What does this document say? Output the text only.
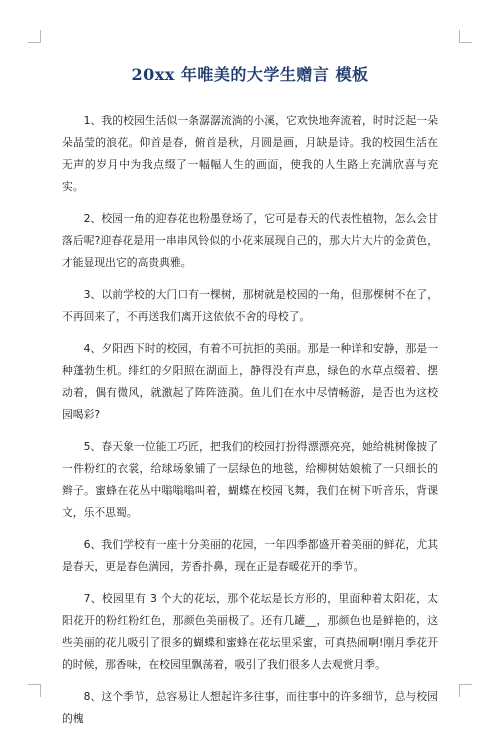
20xx 年唯美的大学生赠言 模板

1、我的校园生活似一条潺潺流淌的小溪，它欢快地奔流着，时时泛起一朵朵晶莹的浪花。仰首是春，俯首是秋，月圆是画，月缺是诗。我的校园生活在无声的岁月中为我点缀了一幅幅人生的画面，使我的人生路上充满欣喜与充实。

2、校园一角的迎春花也粉墨登场了，它可是春天的代表性植物，怎么会甘落后呢?迎春花是用一串串风铃似的小花来展现自己的，那大片大片的金黄色，才能显现出它的高贵典雅。

3、以前学校的大门口有一棵树，那树就是校园的一角，但那棵树不在了，不再回来了，不再送我们离开这依依不舍的母校了。

4、夕阳西下时的校园，有着不可抗拒的美丽。那是一种详和安静，那是一种蓬勃生机。绯红的夕阳照在湖面上，静得没有声息，绿色的水草点缀着、摆动着，偶有微风，就激起了阵阵涟漪。鱼儿们在水中尽情畅游，是否也为这校园喝彩?

5、春天象一位能工巧匠，把我们的校园打扮得漂漂亮亮，她给桃树像披了一件粉红的衣裳，给球场象铺了一层绿色的地毯，给柳树姑娘梳了一只细长的辫子。蜜蜂在花丛中嗡嗡嗡叫着，蝴蝶在校园飞舞，我们在树下听音乐，背课文，乐不思蜀。

6、我们学校有一座十分美丽的花园，一年四季都盛开着美丽的鲜花，尤其是春天，更是春色满园，芳香扑鼻，现在正是春暖花开的季节。

7、校园里有 3 个大的花坛，那个花坛是长方形的，里面种着太阳花，太阳花开的粉红粉红色，那颜色美丽极了。还有几罐__，那颜色也是鲜艳的，这些美丽的花儿吸引了很多的蝴蝶和蜜蜂在花坛里采蜜，可真热闹啊!刚月季花开的时候，那香味，在校园里飘荡着，吸引了我们很多人去观赏月季。

8、这个季节，总容易让人想起许多往事，而往事中的许多细节，总与校园的槐
